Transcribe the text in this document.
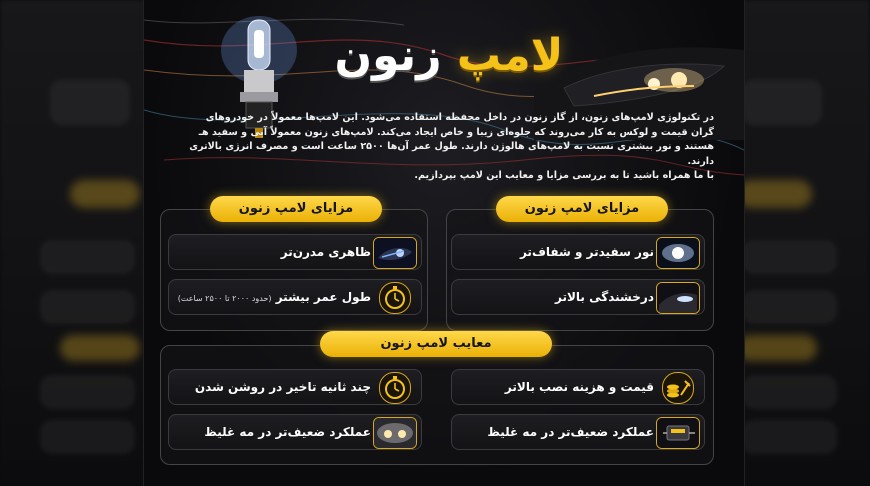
لامپ زنون

در تکنولوژی لامپ‌های زنون، از گاز زنون در داخل محفظه استفاده می‌شود. این لامپ‌ها معمولاً در خودروهای

گران قیمت و لوکس به کار می‌روند که جلوه‌ای زیبا و خاص ایجاد می‌کند. لامپ‌های زنون معمولاً آبی و سفید هـ

هستند و نور بیشتری نسبت به لامپ‌های هالوژن دارند. طول عمر آن‌ها ۲۵۰۰ ساعت است و مصرف انرژی بالاتری دارند.

با ما همراه باشید تا به بررسی مزایا و معایب این لامپ بپردازیم.

مزایای لامپ زنون
مزایای لامپ زنون
نور سفیدتر و شفاف‌تر
درخشندگی بالاتر
ظاهری مدرن‌تر
طول عمر بیشتر (حدود ۲۰۰۰ تا ۲۵۰۰ ساعت)
معایب لامپ زنون
قیمت و هزینه نصب بالاتر
عملکرد ضعیف‌تر در مه غلیظ
چند ثانیه تاخیر در روشن شدن
عملکرد ضعیف‌تر در مه غلیظ
